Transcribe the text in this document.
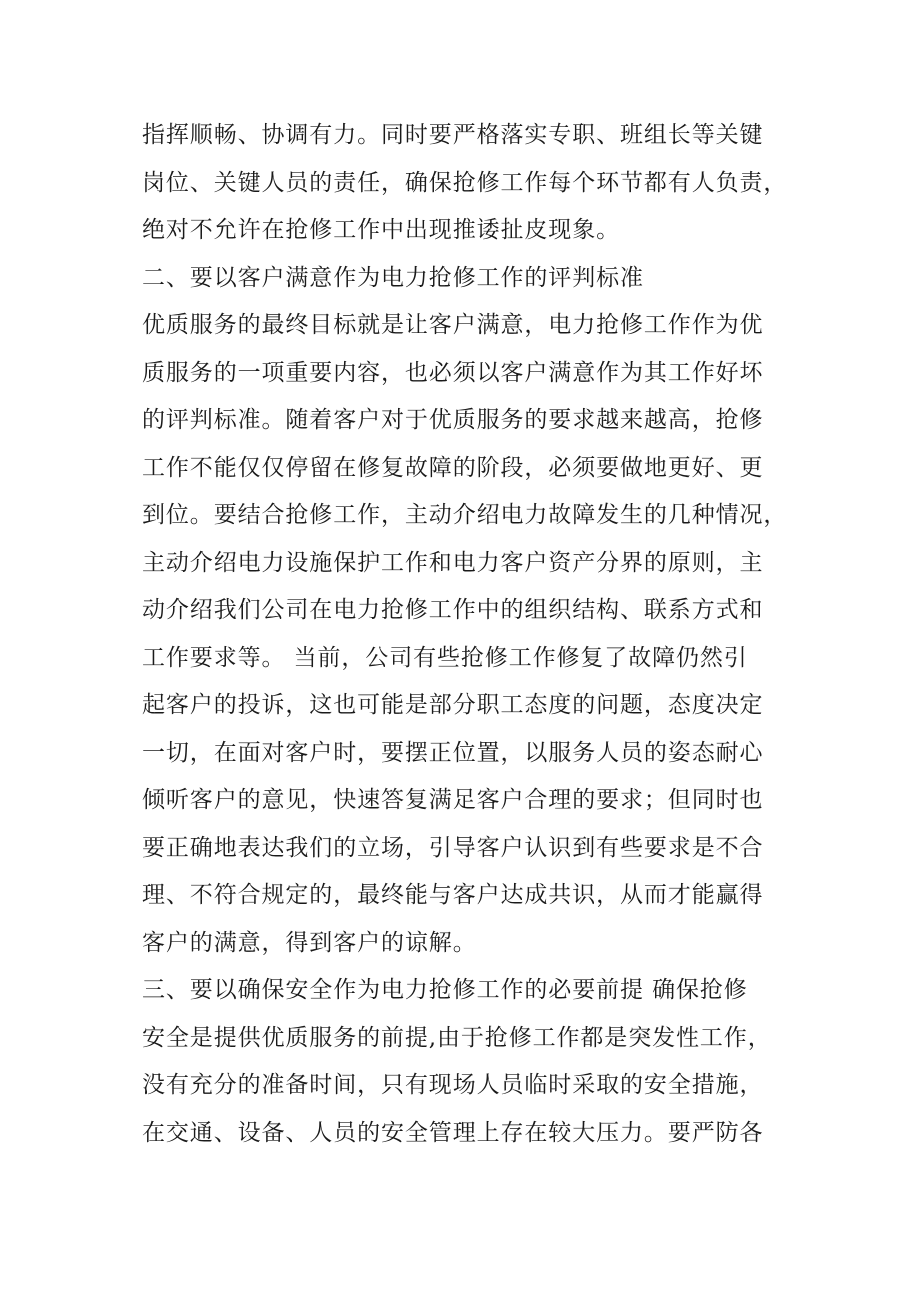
指挥顺畅、协调有力。同时要严格落实专职、班组长等关键
岗位、关键人员的责任，确保抢修工作每个环节都有人负责，
绝对不允许在抢修工作中出现推诿扯皮现象。
二、要以客户满意作为电力抢修工作的评判标准
优质服务的最终目标就是让客户满意，电力抢修工作作为优
质服务的一项重要内容，也必须以客户满意作为其工作好坏
的评判标准。随着客户对于优质服务的要求越来越高，抢修
工作不能仅仅停留在修复故障的阶段，必须要做地更好、更
到位。要结合抢修工作，主动介绍电力故障发生的几种情况，
主动介绍电力设施保护工作和电力客户资产分界的原则，主
动介绍我们公司在电力抢修工作中的组织结构、联系方式和
工作要求等。 当前，公司有些抢修工作修复了故障仍然引
起客户的投诉，这也可能是部分职工态度的问题，态度决定
一切，在面对客户时，要摆正位置，以服务人员的姿态耐心
倾听客户的意见，快速答复满足客户合理的要求；但同时也
要正确地表达我们的立场，引导客户认识到有些要求是不合
理、不符合规定的，最终能与客户达成共识，从而才能赢得
客户的满意，得到客户的谅解。
三、要以确保安全作为电力抢修工作的必要前提 确保抢修
安全是提供优质服务的前提,由于抢修工作都是突发性工作，
没有充分的准备时间，只有现场人员临时采取的安全措施，
在交通、设备、人员的安全管理上存在较大压力。要严防各
